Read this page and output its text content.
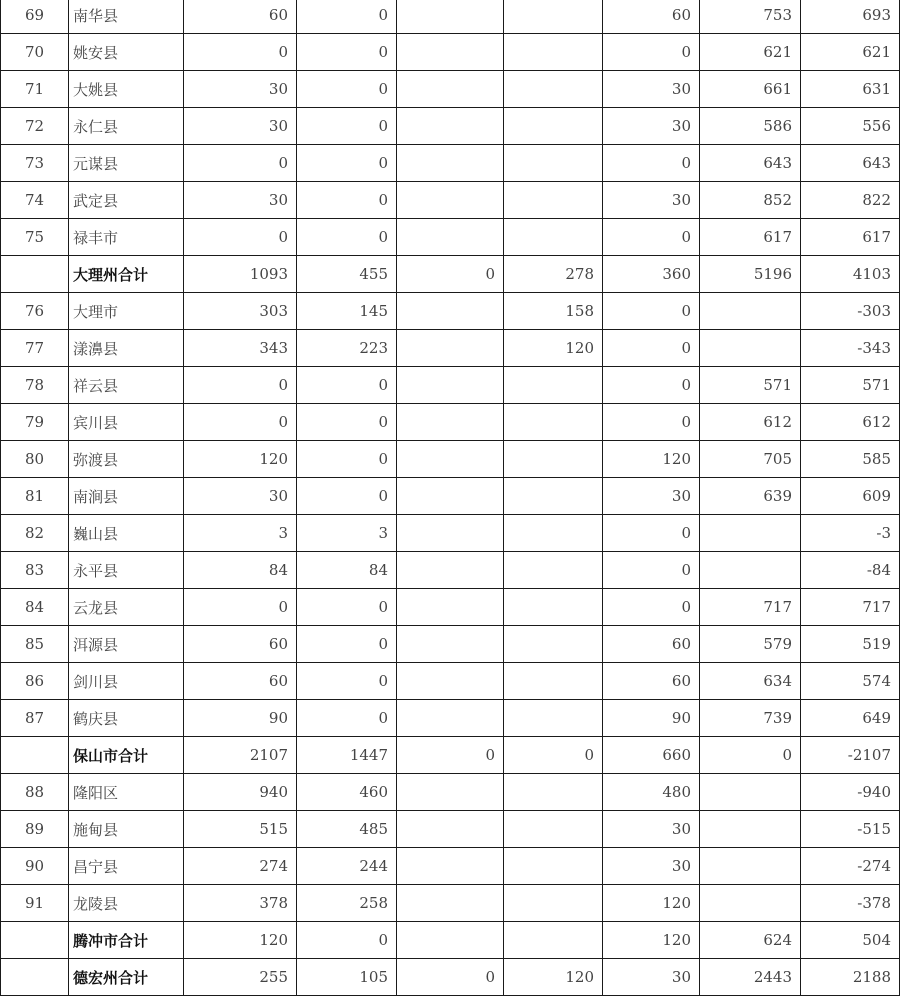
69	南华县	60	0			60	753	693
70	姚安县	0	0			0	621	621
71	大姚县	30	0			30	661	631
72	永仁县	30	0			30	586	556
73	元谋县	0	0			0	643	643
74	武定县	30	0			30	852	822
75	禄丰市	0	0			0	617	617
	大理州合计	1093	455	0	278	360	5196	4103
76	大理市	303	145		158	0		-303
77	漾濞县	343	223		120	0		-343
78	祥云县	0	0			0	571	571
79	宾川县	0	0			0	612	612
80	弥渡县	120	0			120	705	585
81	南涧县	30	0			30	639	609
82	巍山县	3	3			0		-3
83	永平县	84	84			0		-84
84	云龙县	0	0			0	717	717
85	洱源县	60	0			60	579	519
86	剑川县	60	0			60	634	574
87	鹤庆县	90	0			90	739	649
	保山市合计	2107	1447	0	0	660	0	-2107
88	隆阳区	940	460			480		-940
89	施甸县	515	485			30		-515
90	昌宁县	274	244			30		-274
91	龙陵县	378	258			120		-378
	腾冲市合计	120	0			120	624	504
	德宏州合计	255	105	0	120	30	2443	2188
